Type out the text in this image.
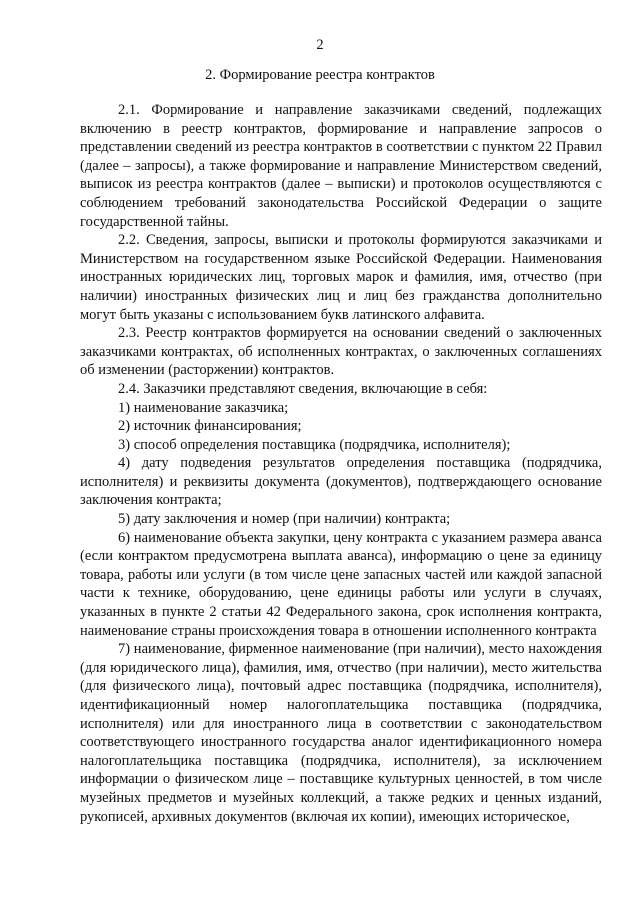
2
2. Формирование реестра контрактов

2.1. Формирование и направление заказчиками сведений, подлежащих включению в реестр контрактов, формирование и направление запросов о представлении сведений из реестра контрактов в соответствии с пунктом 22 Правил (далее – запросы), а также формирование и направление Министерством сведений, выписок из реестра контрактов (далее – выписки) и протоколов осуществляются с соблюдением требований законодательства Российской Федерации о защите государственной тайны.

2.2. Сведения, запросы, выписки и протоколы формируются заказчиками и Министерством на государственном языке Российской Федерации. Наименования иностранных юридических лиц, торговых марок и фамилия, имя, отчество (при наличии) иностранных физических лиц и лиц без гражданства дополнительно могут быть указаны с использованием букв латинского алфавита.

2.3. Реестр контрактов формируется на основании сведений о заключенных заказчиками контрактах, об исполненных контрактах, о заключенных соглашениях об изменении (расторжении) контрактов.

2.4. Заказчики представляют сведения, включающие в себя:

1) наименование заказчика;

2) источник финансирования;

3) способ определения поставщика (подрядчика, исполнителя);

4) дату подведения результатов определения поставщика (подрядчика, исполнителя) и реквизиты документа (документов), подтверждающего основание заключения контракта;

5) дату заключения и номер (при наличии) контракта;

6) наименование объекта закупки, цену контракта с указанием размера аванса (если контрактом предусмотрена выплата аванса), информацию о цене за единицу товара, работы или услуги (в том числе цене запасных частей или каждой запасной части к технике, оборудованию, цене единицы работы или услуги в случаях, указанных в пункте 2 статьи 42 Федерального закона, срок исполнения контракта, наименование страны происхождения товара в отношении исполненного контракта

7) наименование, фирменное наименование (при наличии), место нахождения (для юридического лица), фамилия, имя, отчество (при наличии), место жительства (для физического лица), почтовый адрес поставщика (подрядчика, исполнителя), идентификационный номер налогоплательщика поставщика (подрядчика, исполнителя) или для иностранного лица в соответствии с законодательством соответствующего иностранного государства аналог идентификационного номера налогоплательщика поставщика (подрядчика, исполнителя), за исключением информации о физическом лице – поставщике культурных ценностей, в том числе музейных предметов и музейных коллекций, а также редких и ценных изданий, рукописей, архивных документов (включая их копии), имеющих историческое,
